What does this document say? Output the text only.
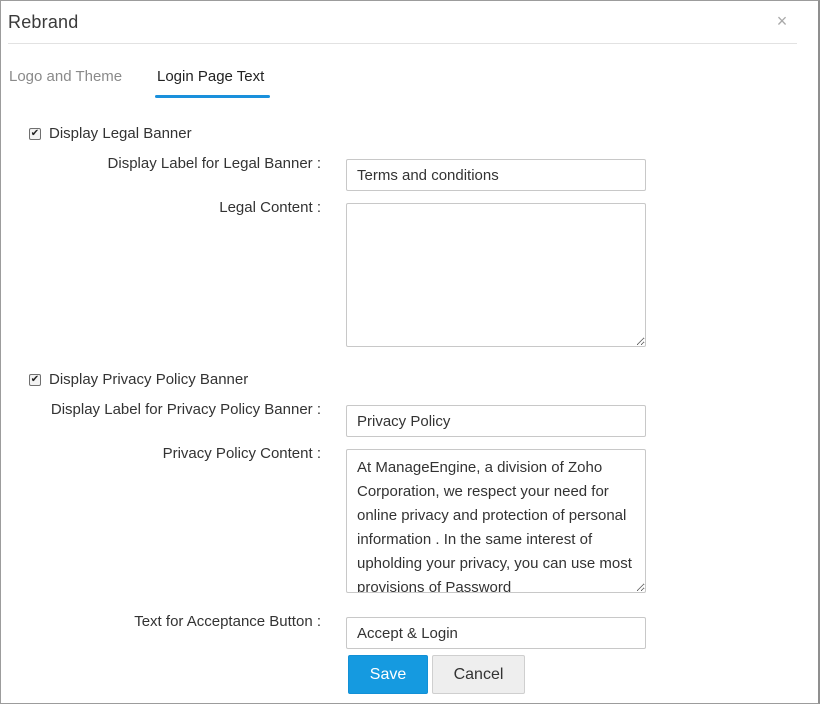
Rebrand	×
Logo and Theme Login Page Text
✔ Display Legal Banner
Display Label for Legal Banner :
Terms and conditions
Legal Content :
✔ Display Privacy Policy Banner
Display Label for Privacy Policy Banner :
Privacy Policy
Privacy Policy Content :
At ManageEngine, a division of Zoho Corporation, we respect your need for online privacy and protection of personal information . In the same interest of upholding your privacy, you can use most provisions of Password
Text for Acceptance Button :
Accept & Login
Save	Cancel
